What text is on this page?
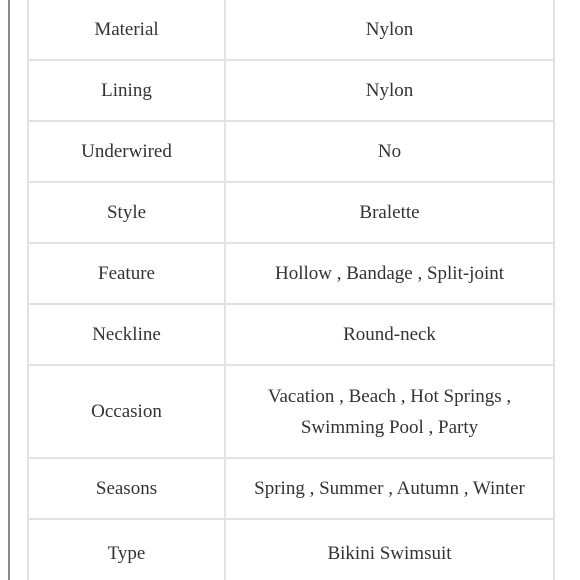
Material	Nylon
Lining	Nylon
Underwired	No
Style	Bralette
Feature	Hollow , Bandage , Split-joint
Neckline	Round-neck
Occasion	Vacation , Beach , Hot Springs , Swimming Pool , Party
Seasons	Spring , Summer , Autumn , Winter
Type	Bikini Swimsuit
